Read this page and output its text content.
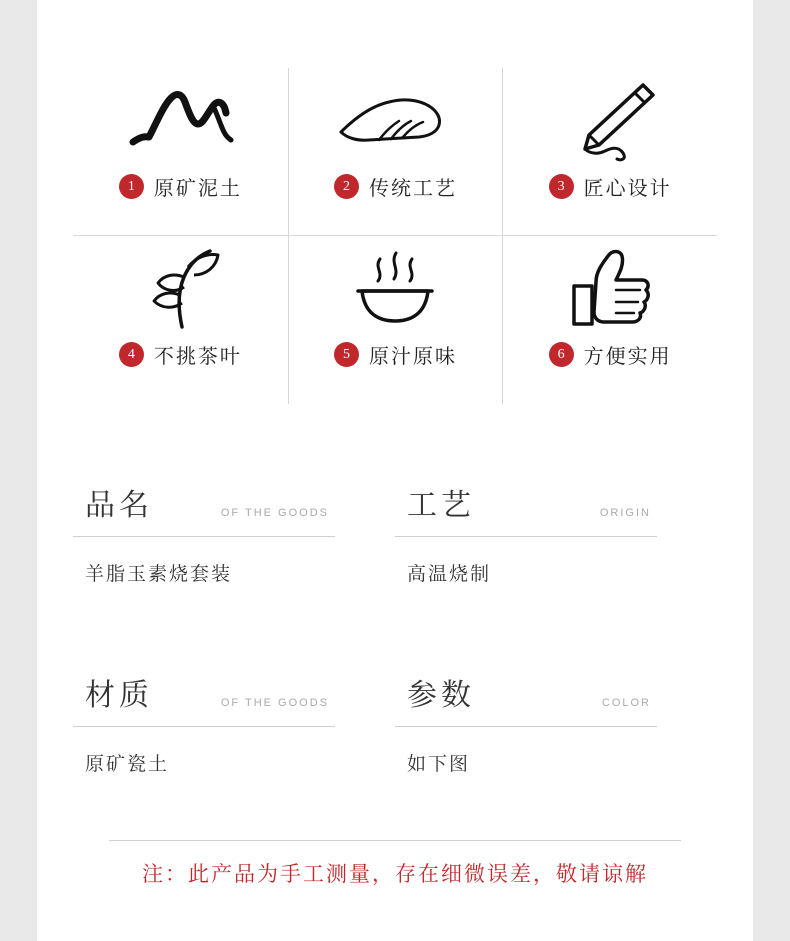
1 原矿泥土	2 传统工艺	3 匠心设计
4 不挑茶叶	5 原汁原味	6 方便实用
品名	OF THE GOODS
羊脂玉素烧套装
工艺	ORIGIN
高温烧制
材质	OF THE GOODS
原矿瓷土
参数	COLOR
如下图
注：此产品为手工测量，存在细微误差，敬请谅解
